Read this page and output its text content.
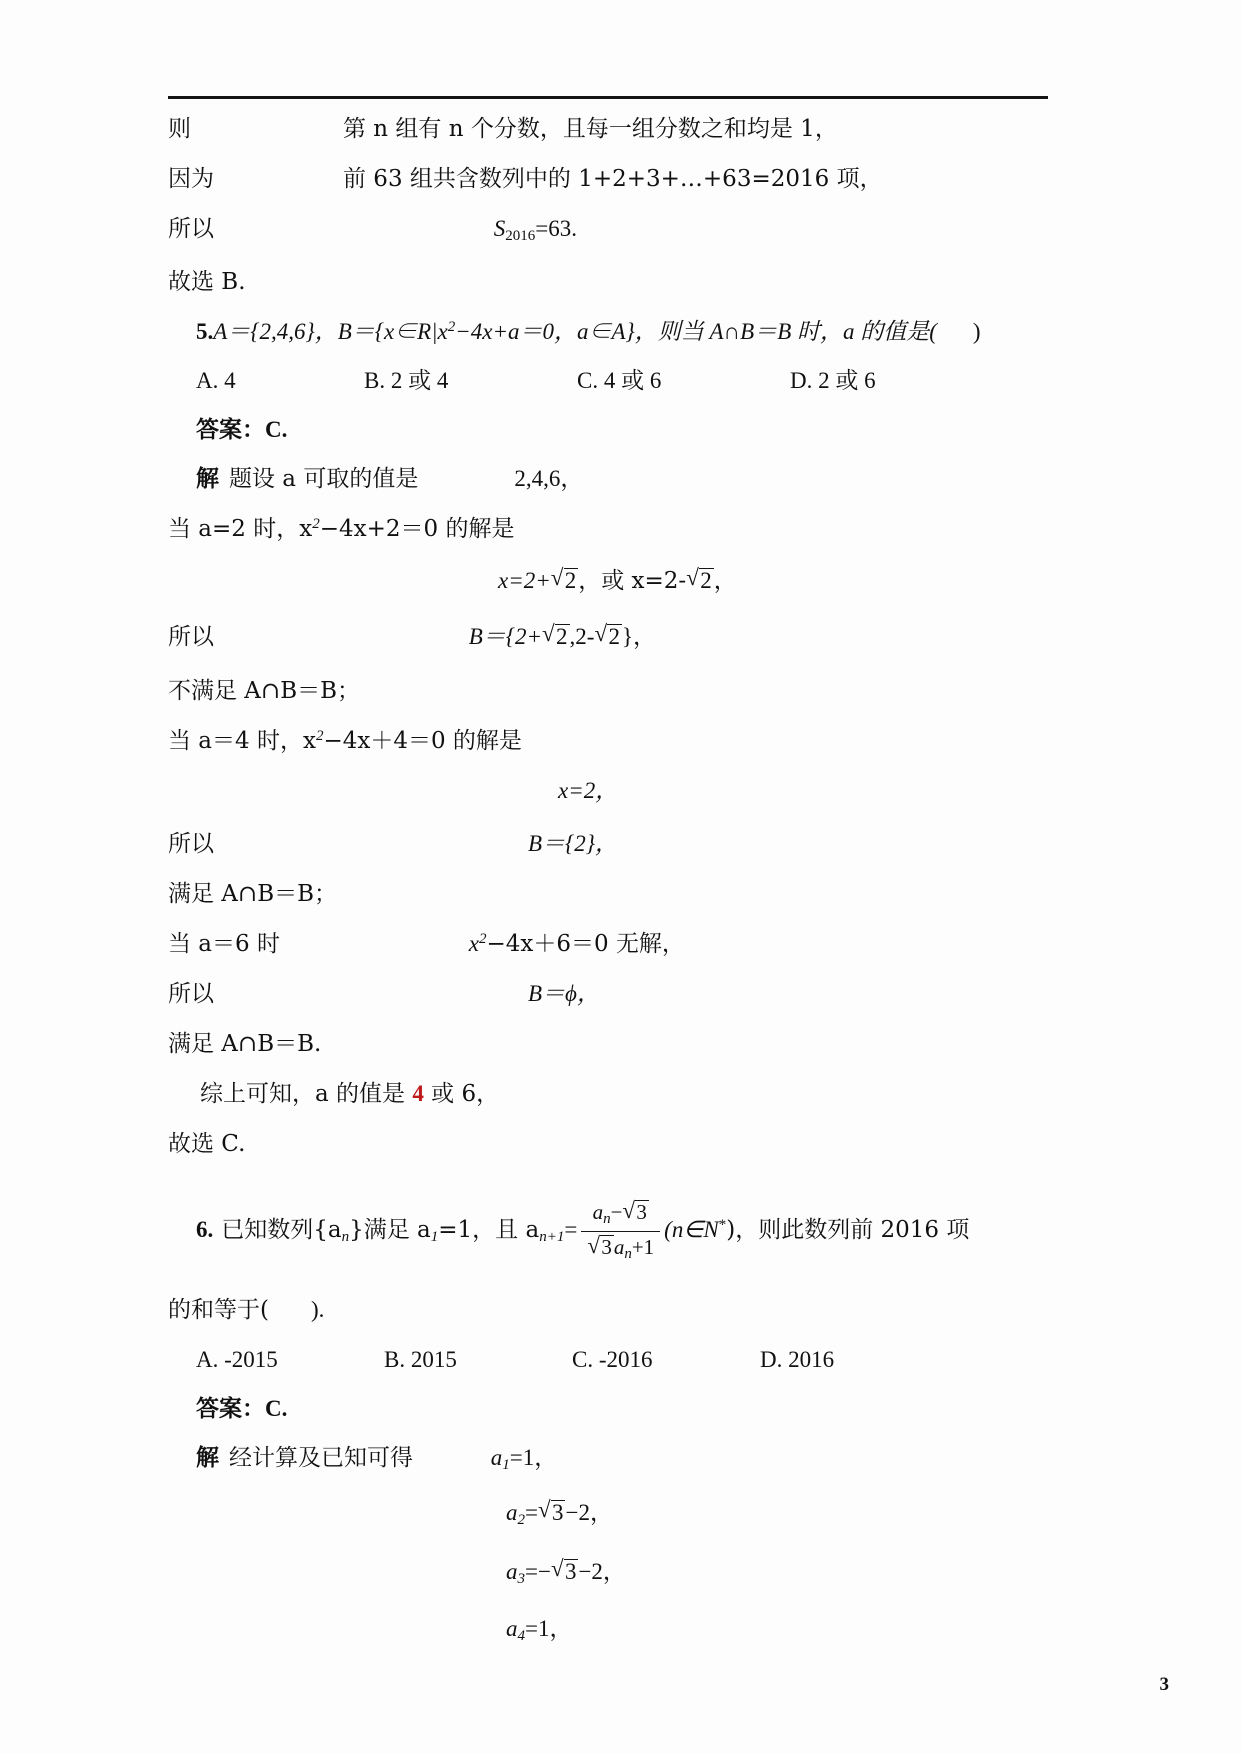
则	第 n 组有 n 个分数，且每一组分数之和均是 1，
因为	前 63 组共含数列中的 1+2+3+…+63=2016 项，
所以	$S_{2016}=63$.
故选 B.
5.A＝{2,4,6}，$B=\{x\in R|x^2-4x+a=0$，a∈A}，则当 A∩B＝B 时，a 的值是( )
A. 4	B. 2 或 4	C. 4 或 6	D. 2 或 6
答案：C.
解 题设 a 可取的值是	2,4,6，
当 a=2 时，$x^2-4x+2=0$ 的解是
x=2+ √ 2，或 x=2- √ 2，
所以	B＝{2+ √ 2,2- √ 2}，
不满足 A∩B＝B；
当 a＝4 时，$x^2-4x+4=0$ 的解是
x=2，
所以	B＝{2}，
满足 A∩B＝B；
当 a＝6 时	$x^2-4x+6=0$ 无解，
所以	B＝ϕ，
满足 A∩B＝B.
综上可知，a 的值是 4 或 6，
故选 C.
6. 已知数列$\{a_n\}$满足 $a_1=1$，且 $a_{n+1}= a_n-$ √ 3
√ $3a_n+1$ (n∈N*)，则此数列前 2016 项
的和等于( ).
A. -2015	B. 2015	C. -2016	D. 2016
答案：C.
解 经计算及已知可得	$a_1=1$，
$a_2=$ √ 3−2，
$a_3=-$ √ 3−2，
$a_4=1$，
3
